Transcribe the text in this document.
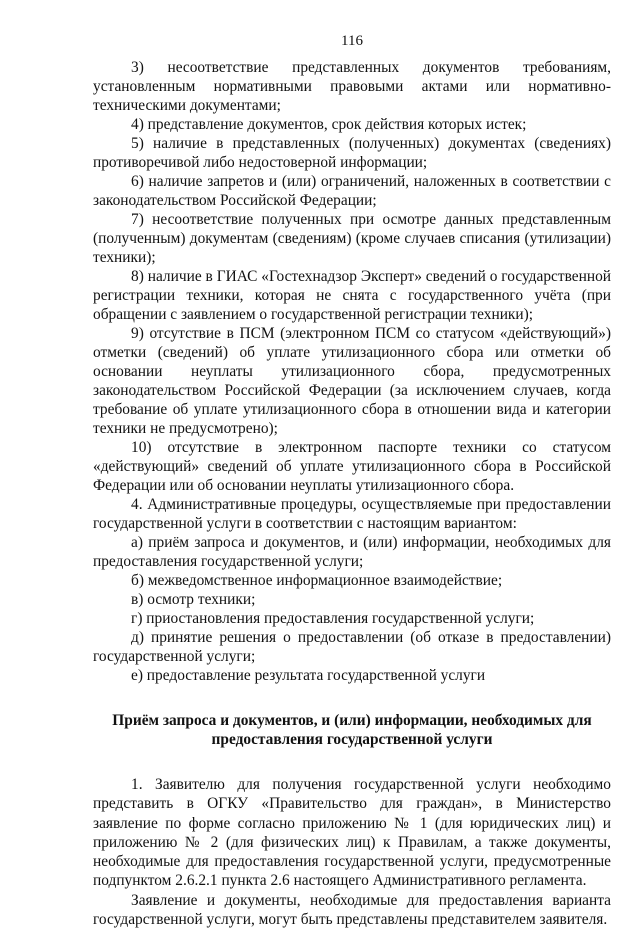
116

3) несоответствие представленных документов требованиям, установленным нормативными правовыми актами или нормативно-техническими документами;

4) представление документов, срок действия которых истек;

5) наличие в представленных (полученных) документах (сведениях) противоречивой либо недостоверной информации;

6) наличие запретов и (или) ограничений, наложенных в соответствии с законодательством Российской Федерации;

7) несоответствие полученных при осмотре данных представленным (полученным) документам (сведениям) (кроме случаев списания (утилизации) техники);

8) наличие в ГИАС «Гостехнадзор Эксперт» сведений о государственной регистрации техники, которая не снята с государственного учёта (при обращении с заявлением о государственной регистрации техники);

9) отсутствие в ПСМ (электронном ПСМ со статусом «действующий») отметки (сведений) об уплате утилизационного сбора или отметки об основании неуплаты утилизационного сбора, предусмотренных законодательством Российской Федерации (за исключением случаев, когда требование об уплате утилизационного сбора в отношении вида и категории техники не предусмотрено);

10) отсутствие в электронном паспорте техники со статусом «действующий» сведений об уплате утилизационного сбора в Российской Федерации или об основании неуплаты утилизационного сбора.

4. Административные процедуры, осуществляемые при предоставлении государственной услуги в соответствии с настоящим вариантом:

а) приём запроса и документов, и (или) информации, необходимых для предоставления государственной услуги;

б) межведомственное информационное взаимодействие;

в) осмотр техники;

г) приостановления предоставления государственной услуги;

д) принятие решения о предоставлении (об отказе в предоставлении) государственной услуги;

е) предоставление результата государственной услуги

Приём запроса и документов, и (или) информации, необходимых для
предоставления государственной услуги

1. Заявителю для получения государственной услуги необходимо представить в ОГКУ «Правительство для граждан», в Министерство заявление по форме согласно приложению № 1 (для юридических лиц) и приложению № 2 (для физических лиц) к Правилам, а также документы, необходимые для предоставления государственной услуги, предусмотренные подпунктом 2.6.2.1 пункта 2.6 настоящего Административного регламента.

Заявление и документы, необходимые для предоставления варианта государственной услуги, могут быть представлены представителем заявителя.
